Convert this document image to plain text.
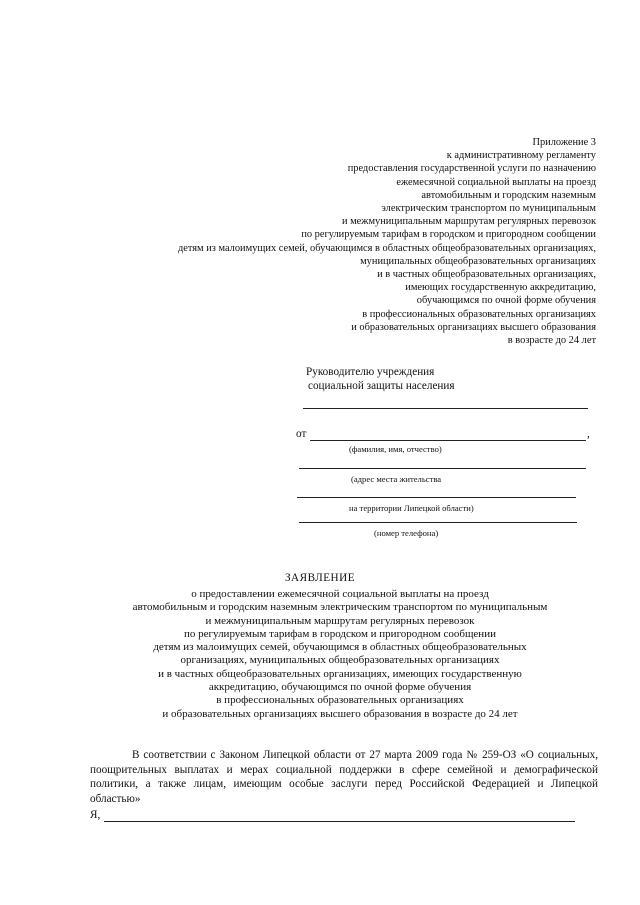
Приложение 3
к административному регламенту
предоставления государственной услуги по назначению
ежемесячной социальной выплаты на проезд
автомобильным и городским наземным
электрическим транспортом по муниципальным
и межмуниципальным маршрутам регулярных перевозок
по регулируемым тарифам в городском и пригородном сообщении
детям из малоимущих семей, обучающимся в областных общеобразовательных организациях,
муниципальных общеобразовательных организациях
и в частных общеобразовательных организациях,
имеющих государственную аккредитацию,
обучающимся по очной форме обучения
в профессиональных образовательных организациях
и образовательных организациях высшего образования
в возрасте до 24 лет
Руководителю учреждения
социальной защиты населения
от	,
(фамилия, имя, отчество)
(адрес места жительства
на территории Липецкой области)
(номер телефона)
ЗАЯВЛЕНИЕ
о предоставлении ежемесячной социальной выплаты на проезд
автомобильным и городским наземным электрическим транспортом по муниципальным
и межмуниципальным маршрутам регулярных перевозок
по регулируемым тарифам в городском и пригородном сообщении
детям из малоимущих семей, обучающимся в областных общеобразовательных
организациях, муниципальных общеобразовательных организациях
и в частных общеобразовательных организациях, имеющих государственную
аккредитацию, обучающимся по очной форме обучения
в профессиональных образовательных организациях
и образовательных организациях высшего образования в возрасте до 24 лет

В соответствии с Законом Липецкой области от 27 марта 2009 года № 259-ОЗ «О социальных, поощрительных выплатах и мерах социальной поддержки в сфере семейной и демографической политики, а также лицам, имеющим особые заслуги перед Российской Федерацией и Липецкой областью»

Я,
